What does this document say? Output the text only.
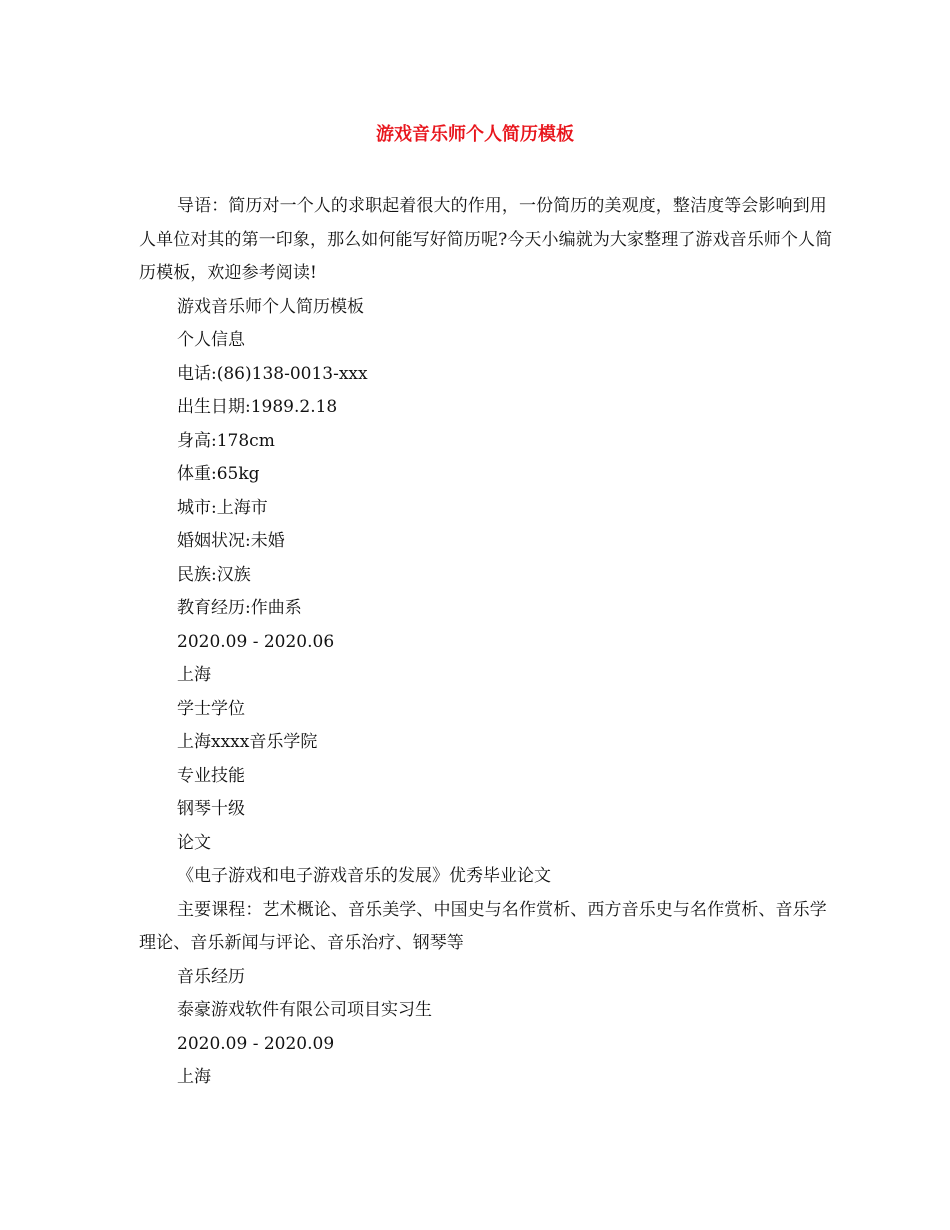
游戏音乐师个人简历模板

导语：简历对一个人的求职起着很大的作用，一份简历的美观度，整洁度等会影响到用人单位对其的第一印象，那么如何能写好简历呢?今天小编就为大家整理了游戏音乐师个人简历模板，欢迎参考阅读!

游戏音乐师个人简历模板

个人信息

电话:(86)138-0013-xxx

出生日期:1989.2.18

身高:178cm

体重:65kg

城市:上海市

婚姻状况:未婚

民族:汉族

教育经历:作曲系

2020.09 - 2020.06

上海

学士学位

上海xxxx音乐学院

专业技能

钢琴十级

论文

《电子游戏和电子游戏音乐的发展》优秀毕业论文

主要课程：艺术概论、音乐美学、中国史与名作赏析、西方音乐史与名作赏析、音乐学理论、音乐新闻与评论、音乐治疗、钢琴等

音乐经历

泰豪游戏软件有限公司项目实习生

2020.09 - 2020.09

上海
